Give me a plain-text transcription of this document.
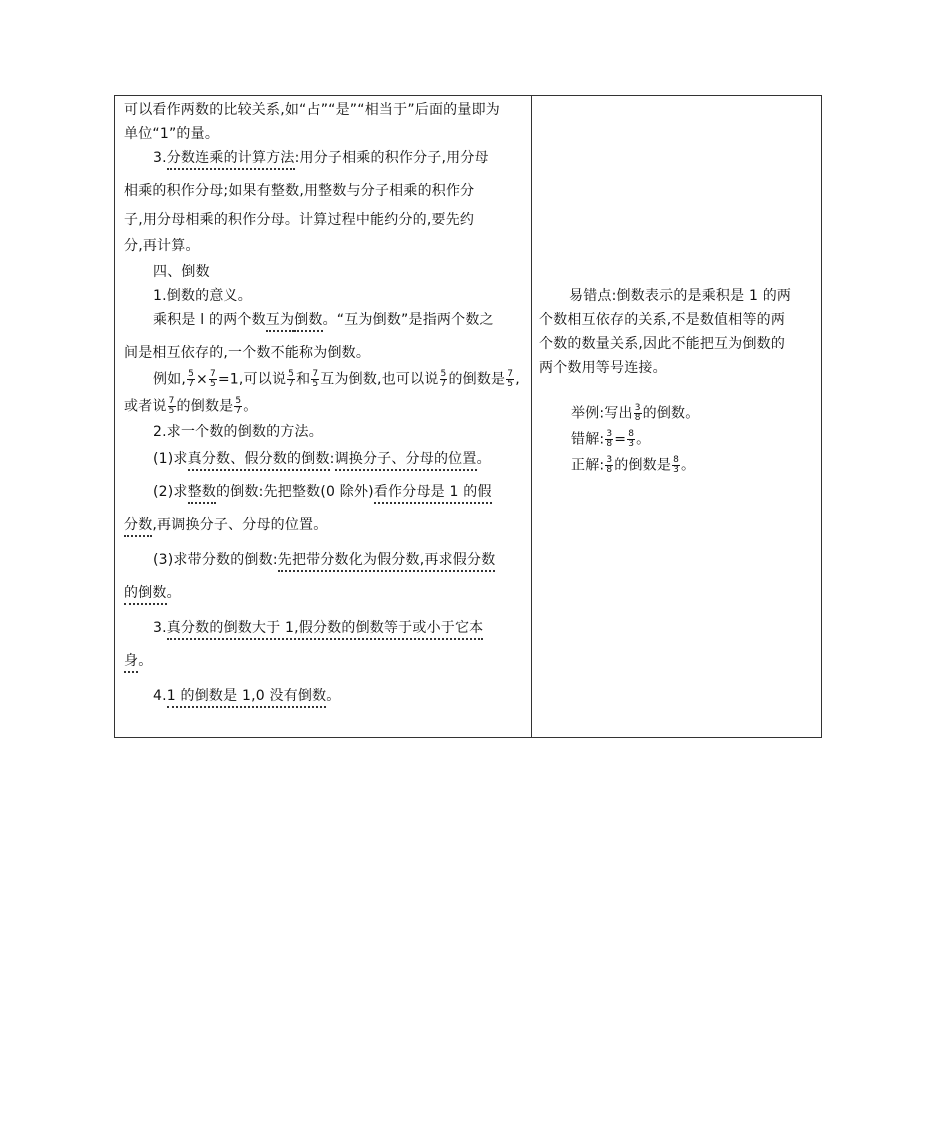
可以看作两数的比较关系,如“占”“是”“相当于”后面的量即为
单位“1”的量。
3.分数连乘的计算方法:用分子相乘的积作分子,用分母
相乘的积作分母;如果有整数,用整数与分子相乘的积作分
子,用分母相乘的积作分母。计算过程中能约分的,要先约
分,再计算。
四、倒数
1.倒数的意义。
乘积是 l 的两个数互为倒数。“互为倒数”是指两个数之
间是相互依存的,一个数不能称为倒数。
例如, $\frac{5}{7} \times \frac{7}{5} =1$,可以说 $\frac{5}{7}$ 和 $\frac{7}{5}$ 互为倒数,也可以说 $\frac{5}{7}$ 的倒数是 $\frac{7}{5}$ ,
或者说 $\frac{7}{5}$ 的倒数是 $\frac{5}{7}$ 。
2.求一个数的倒数的方法。
(1)求真分数、假分数的倒数:调换分子、分母的位置。
(2)求整数的倒数:先把整数(0 除外)看作分母是 1 的假
分数,再调换分子、分母的位置。
(3)求带分数的倒数:先把带分数化为假分数,再求假分数
的倒数。
3.真分数的倒数大于 1,假分数的倒数等于或小于它本
身。
4.1 的倒数是 1,0 没有倒数。
易错点:倒数表示的是乘积是 1 的两
个数相互依存的关系,不是数值相等的两
个数的数量关系,因此不能把互为倒数的
两个数用等号连接。
举例:写出 $\frac{3}{8}$ 的倒数。
错解: $\frac{3}{8} = \frac{8}{3}$ 。
正解: $\frac{3}{8}$ 的倒数是 $\frac{8}{3}$ 。
